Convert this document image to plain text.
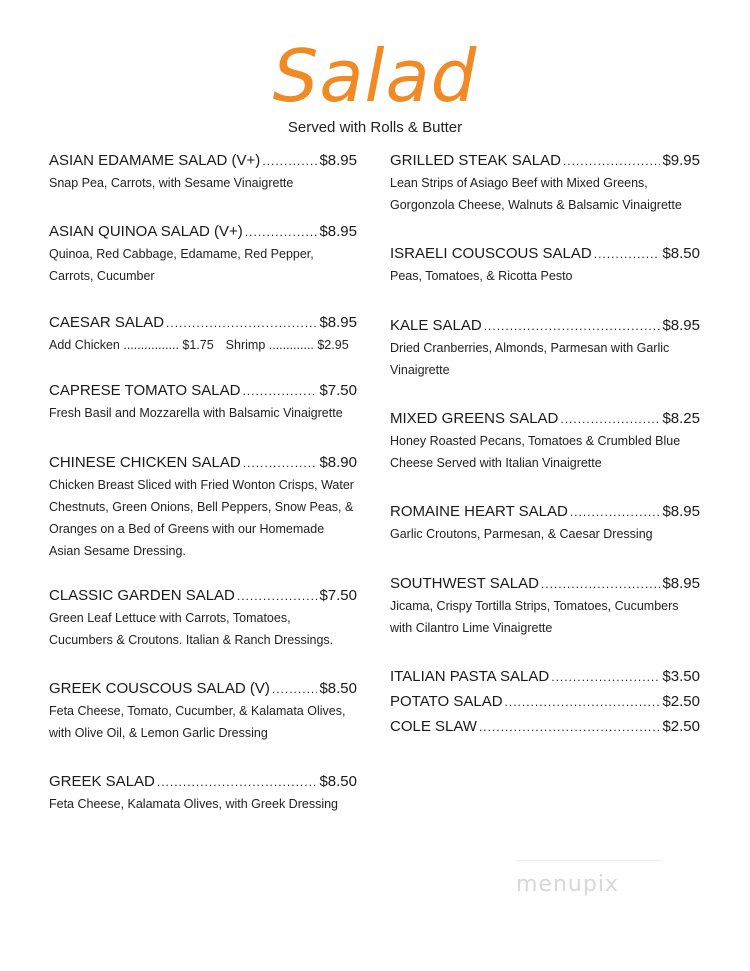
Salad
Served with Rolls & Butter
ASIAN EDAMAME SALAD (V+) .....	$8.95
Snap Pea, Carrots, with Sesame Vinaigrette
ASIAN QUINOA SALAD (V+) .....	$8.95
Quinoa, Red Cabbage, Edamame, Red Pepper, Carrots, Cucumber
CAESAR SALAD .....	$8.95
Add Chicken ................ $1.75 Shrimp ............. $2.95
CAPRESE TOMATO SALAD .....	$7.50
Fresh Basil and Mozzarella with Balsamic Vinaigrette
CHINESE CHICKEN SALAD .....	$8.90
Chicken Breast Sliced with Fried Wonton Crisps, Water Chestnuts, Green Onions, Bell Peppers, Snow Peas, & Oranges on a Bed of Greens with our Homemade Asian Sesame Dressing.
CLASSIC GARDEN SALAD .....	$7.50
Green Leaf Lettuce with Carrots, Tomatoes, Cucumbers & Croutons. Italian & Ranch Dressings.
GREEK COUSCOUS SALAD (V) .....	$8.50
Feta Cheese, Tomato, Cucumber, & Kalamata Olives, with Olive Oil, & Lemon Garlic Dressing
GREEK SALAD .....	$8.50
Feta Cheese, Kalamata Olives, with Greek Dressing
GRILLED STEAK SALAD .....	$9.95
Lean Strips of Asiago Beef with Mixed Greens, Gorgonzola Cheese, Walnuts & Balsamic Vinaigrette
ISRAELI COUSCOUS SALAD .....	$8.50
Peas, Tomatoes, & Ricotta Pesto
KALE SALAD .....	$8.95
Dried Cranberries, Almonds, Parmesan with Garlic Vinaigrette
MIXED GREENS SALAD .....	$8.25
Honey Roasted Pecans, Tomatoes & Crumbled Blue Cheese Served with Italian Vinaigrette
ROMAINE HEART SALAD .....	$8.95
Garlic Croutons, Parmesan, & Caesar Dressing
SOUTHWEST SALAD .....	$8.95
Jicama, Crispy Tortilla Strips, Tomatoes, Cucumbers with Cilantro Lime Vinaigrette
ITALIAN PASTA SALAD .....	$3.50
POTATO SALAD .....	$2.50
COLE SLAW .....	$2.50
menupix
